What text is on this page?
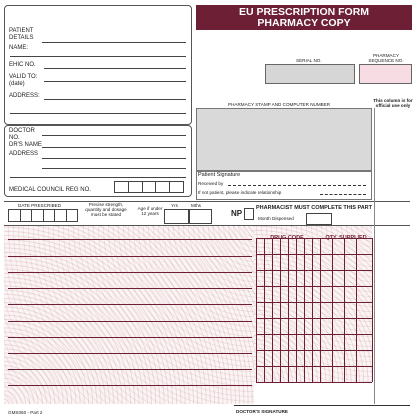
PATIENT
DETAILS
NAME:
EHIC NO.
VALID TO:
(date)
ADDRESS:
DOCTOR
NO.
DR'S NAME
ADDRESS
MEDICAL COUNCIL REG NO.
EU PRESCRIPTION FORM
PHARMACY COPY
SERIAL NO.
PHARMACY
SEQUENCE NO.
PHARMACY STAMP AND COMPUTER NUMBER
This column is for
official use only
Patient Signature
Received by
If not patient, please indicate relationship
DATE PRESCRIBED	Precise strength,
quantity and dosage
must be stated
Age if under
12 years
Yrs	Mths
NP
PHARMACIST MUST COMPLETE THIS PART
Month Dispensed
DRUG CODE	QTY. SUPPLIED
GMS060 - Part 2	DOCTOR'S SIGNATURE
